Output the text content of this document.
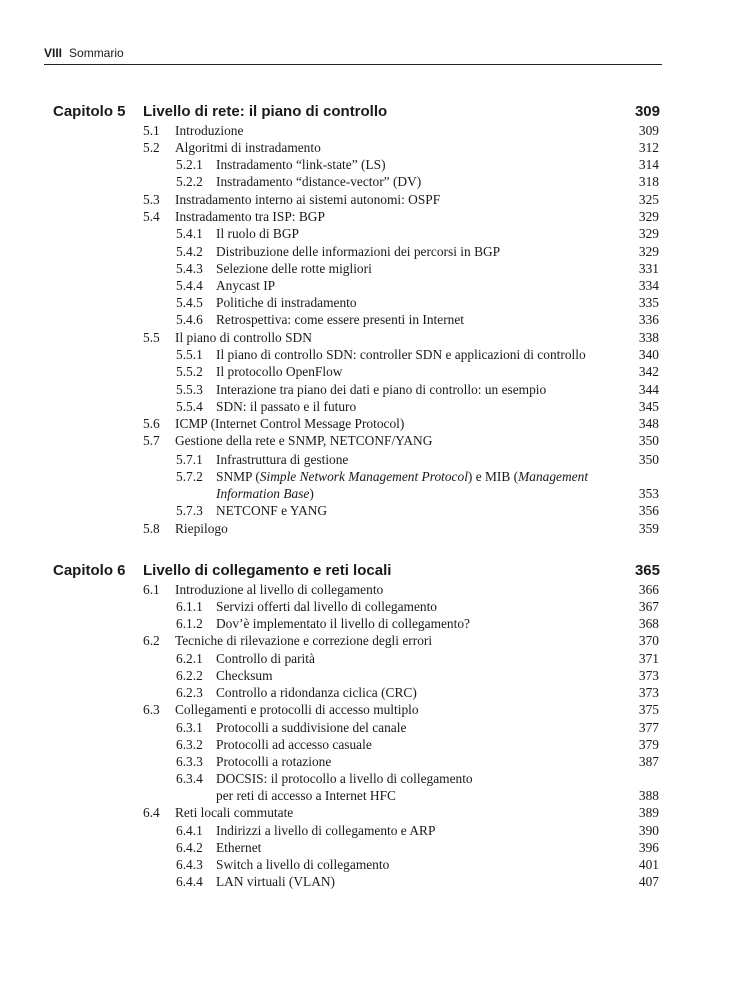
VIII Sommario
Capitolo 5 Livello di rete: il piano di controllo	309
5.1 Introduzione	309
5.2 Algoritmi di instradamento	312
5.2.1 Instradamento “link-state” (LS)	314
5.2.2 Instradamento “distance-vector” (DV)	318
5.3 Instradamento interno ai sistemi autonomi: OSPF	325
5.4 Instradamento tra ISP: BGP	329
5.4.1 Il ruolo di BGP	329
5.4.2 Distribuzione delle informazioni dei percorsi in BGP	329
5.4.3 Selezione delle rotte migliori	331
5.4.4 Anycast IP	334
5.4.5 Politiche di instradamento	335
5.4.6 Retrospettiva: come essere presenti in Internet	336
5.5 Il piano di controllo SDN	338
5.5.1 Il piano di controllo SDN: controller SDN e applicazioni di controllo	340
5.5.2 Il protocollo OpenFlow	342
5.5.3 Interazione tra piano dei dati e piano di controllo: un esempio	344
5.5.4 SDN: il passato e il futuro	345
5.6 ICMP (Internet Control Message Protocol)	348
5.7 Gestione della rete e SNMP, NETCONF/YANG	350
5.7.1 Infrastruttura di gestione	350
5.7.2 SNMP (Simple Network Management Protocol) e MIB (Management
Information Base)	353
5.7.3 NETCONF e YANG	356
5.8 Riepilogo	359
Capitolo 6 Livello di collegamento e reti locali	365
6.1 Introduzione al livello di collegamento	366
6.1.1 Servizi offerti dal livello di collegamento	367
6.1.2 Dov’è implementato il livello di collegamento?	368
6.2 Tecniche di rilevazione e correzione degli errori	370
6.2.1 Controllo di parità	371
6.2.2 Checksum	373
6.2.3 Controllo a ridondanza ciclica (CRC)	373
6.3 Collegamenti e protocolli di accesso multiplo	375
6.3.1 Protocolli a suddivisione del canale	377
6.3.2 Protocolli ad accesso casuale	379
6.3.3 Protocolli a rotazione	387
6.3.4 DOCSIS: il protocollo a livello di collegamento
per reti di accesso a Internet HFC	388
6.4 Reti locali commutate	389
6.4.1 Indirizzi a livello di collegamento e ARP	390
6.4.2 Ethernet	396
6.4.3 Switch a livello di collegamento	401
6.4.4 LAN virtuali (VLAN)	407
